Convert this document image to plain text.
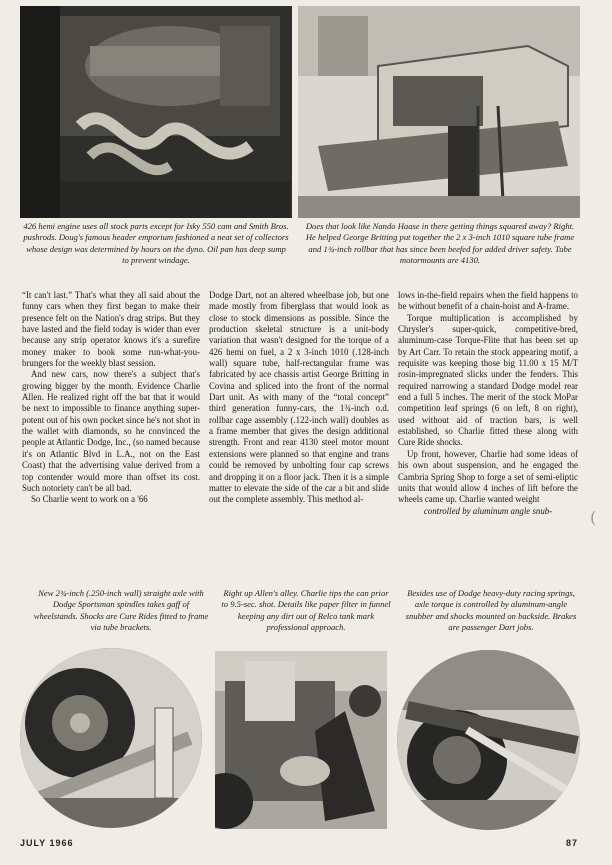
426 hemi engine uses all stock parts except for Isky 550 cam and Smith Bros. pushrods. Doug's famous header emporium fashioned a neat set of collectors whose design was determined by hours on the dyno. Oil pan has deep sump to prevent windage.
Does that look like Nando Haase in there getting things squared away? Right. He helped George Britting put together the 2 x 3-inch 1010 square tube frame and 1¾-inch rollbar that has since been beefed for added driver safety. Tube motormounts are 4130.

“It can't last.” That's what they all said about the funny cars when they first began to make their presence felt on the Nation's drag strips. But they have lasted and the field today is wider than ever because any strip operator knows it's a surefire money maker to book some run-what-you-brungers for the weekly blast session.

And new cars, now there's a subject that's growing bigger by the month. Evidence Charlie Allen. He realized right off the bat that it would be next to impossible to finance anything super-potent out of his own pocket since he's not shot in the wallet with diamonds, so he convinced the people at Atlantic Dodge, Inc., (so named because it's on Atlantic Blvd in L.A., not on the East Coast) that the advertising value derived from a top contender would more than offset its cost. Such notoriety can't be all bad.

So Charlie went to work on a '66

Dodge Dart, not an altered wheelbase job, but one made mostly from fiberglass that would look as close to stock dimensions as possible. Since the production skeletal structure is a unit-body variation that wasn't designed for the torque of a 426 hemi on fuel, a 2 x 3-inch 1010 (.128-inch wall) square tube, half-rectangular frame was fabricated by ace chassis artist George Britting in Covina and spliced into the front of the normal Dart unit. As with many of the “total concept” third generation funny-cars, the 1¾-inch o.d. rollbar cage assembly (.122-inch wall) doubles as a frame member that gives the design additional strength. Front and rear 4130 steel motor mount extensions were planned so that engine and trans could be removed by unbolting four cap screws and dropping it on a floor jack. Then it is a simple matter to elevate the side of the car a bit and slide out the complete assembly. This method al-

lows in-the-field repairs when the field happens to be without benefit of a chain-hoist and A-frame.

Torque multiplication is accomplished by Chrysler's super-quick, competitive-bred, aluminum-case Torque-Flite that has been set up by Art Carr. To retain the stock appearing motif, a requisite was keeping those big 11.00 x 15 M/T rosin-impregnated slicks under the fenders. This required narrowing a standard Dodge model rear end a full 5 inches. The merit of the stock MoPar competition leaf springs (6 on left, 8 on right), used without aid of traction bars, is well established, so Charlie fitted these along with Cure Ride shocks.

Up front, however, Charlie had some ideas of his own about suspension, and he engaged the Cambria Spring Shop to forge a set of semi-eliptic units that would allow 4 inches of lift before the wheels came up. Charlie wanted weight

controlled by aluminum angle snub-	(
New 2¾-inch (.250-inch wall) straight axle with Dodge Sportsman spindles takes gaff of wheelstands. Shocks are Cure Rides fitted to frame via tube brackets.
Right up Allen's alley. Charlie tips the can prior to 9.5-sec. shot. Details like paper filter in funnel keeping any dirt out of Relco tank mark professional approach.
Besides use of Dodge heavy-duty racing springs, axle torque is controlled by aluminum-angle snubber and shocks mounted on backside. Brakes are passenger Dart jobs.
JULY 1966	87
